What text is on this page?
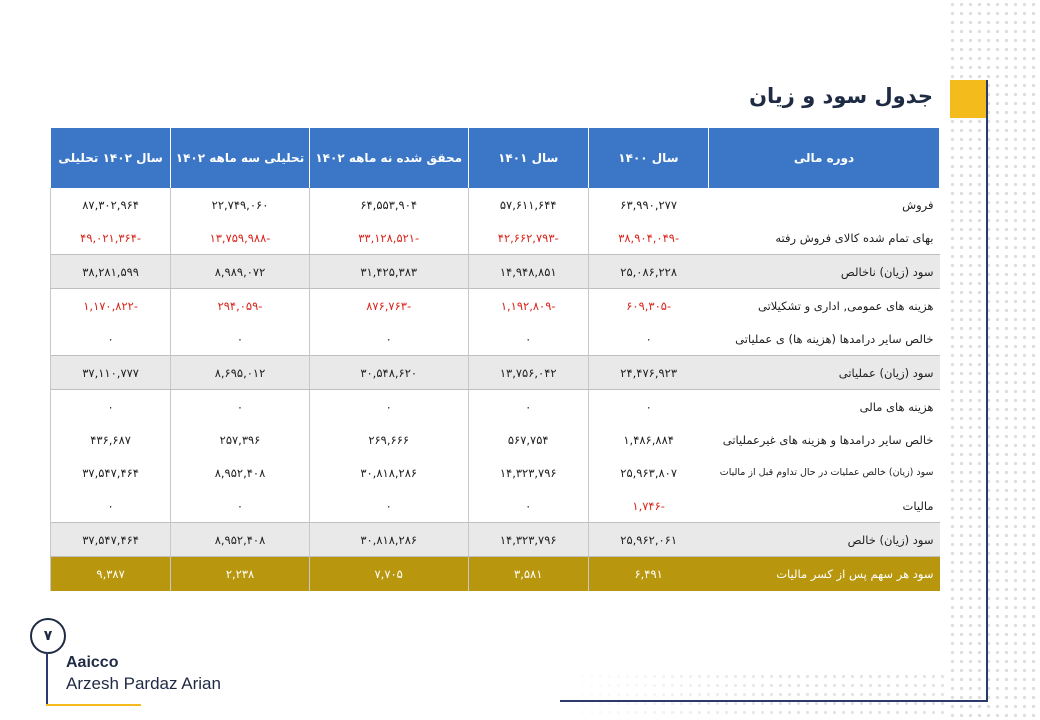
جدول سود و زیان
دوره مالی	سال ۱۴۰۰	سال ۱۴۰۱	محقق شده نه ماهه ۱۴۰۲	تحلیلی سه ماهه ۱۴۰۲	سال ۱۴۰۲ تحلیلی
فروش	۶۳,۹۹۰,۲۷۷	۵۷,۶۱۱,۶۴۴	۶۴,۵۵۳,۹۰۴	۲۲,۷۴۹,۰۶۰	۸۷,۳۰۲,۹۶۴
بهای تمام شده کالای فروش رفته	-۳۸,۹۰۴,۰۴۹	-۴۲,۶۶۲,۷۹۳	-۳۳,۱۲۸,۵۲۱	-۱۳,۷۵۹,۹۸۸	-۴۹,۰۲۱,۳۶۴
سود (زیان) ناخالص	۲۵,۰۸۶,۲۲۸	۱۴,۹۴۸,۸۵۱	۳۱,۴۲۵,۳۸۳	۸,۹۸۹,۰۷۲	۳۸,۲۸۱,۵۹۹
هزینه های عمومی, اداری و تشکیلاتی	-۶۰۹,۳۰۵	-۱,۱۹۲,۸۰۹	-۸۷۶,۷۶۳	-۲۹۴,۰۵۹	-۱,۱۷۰,۸۲۲
خالص سایر درامدها (هزینه ها) ی عملیاتی	۰	۰	۰	۰	۰
سود (زیان) عملیاتی	۲۴,۴۷۶,۹۲۳	۱۳,۷۵۶,۰۴۲	۳۰,۵۴۸,۶۲۰	۸,۶۹۵,۰۱۲	۳۷,۱۱۰,۷۷۷
هزینه های مالی	۰	۰	۰	۰	۰
خالص سایر درامدها و هزینه های غیرعملیاتی	۱,۴۸۶,۸۸۴	۵۶۷,۷۵۴	۲۶۹,۶۶۶	۲۵۷,۳۹۶	۴۳۶,۶۸۷
سود (زیان) خالص عملیات در حال تداوم قبل از مالیات	۲۵,۹۶۳,۸۰۷	۱۴,۳۲۳,۷۹۶	۳۰,۸۱۸,۲۸۶	۸,۹۵۲,۴۰۸	۳۷,۵۴۷,۴۶۴
مالیات	-۱,۷۴۶	۰	۰	۰	۰
سود (زیان) خالص	۲۵,۹۶۲,۰۶۱	۱۴,۳۲۳,۷۹۶	۳۰,۸۱۸,۲۸۶	۸,۹۵۲,۴۰۸	۳۷,۵۴۷,۴۶۴
سود هر سهم پس از کسر مالیات	۶,۴۹۱	۳,۵۸۱	۷,۷۰۵	۲,۲۳۸	۹,۳۸۷
۷
Aaicco
Arzesh Pardaz Arian
